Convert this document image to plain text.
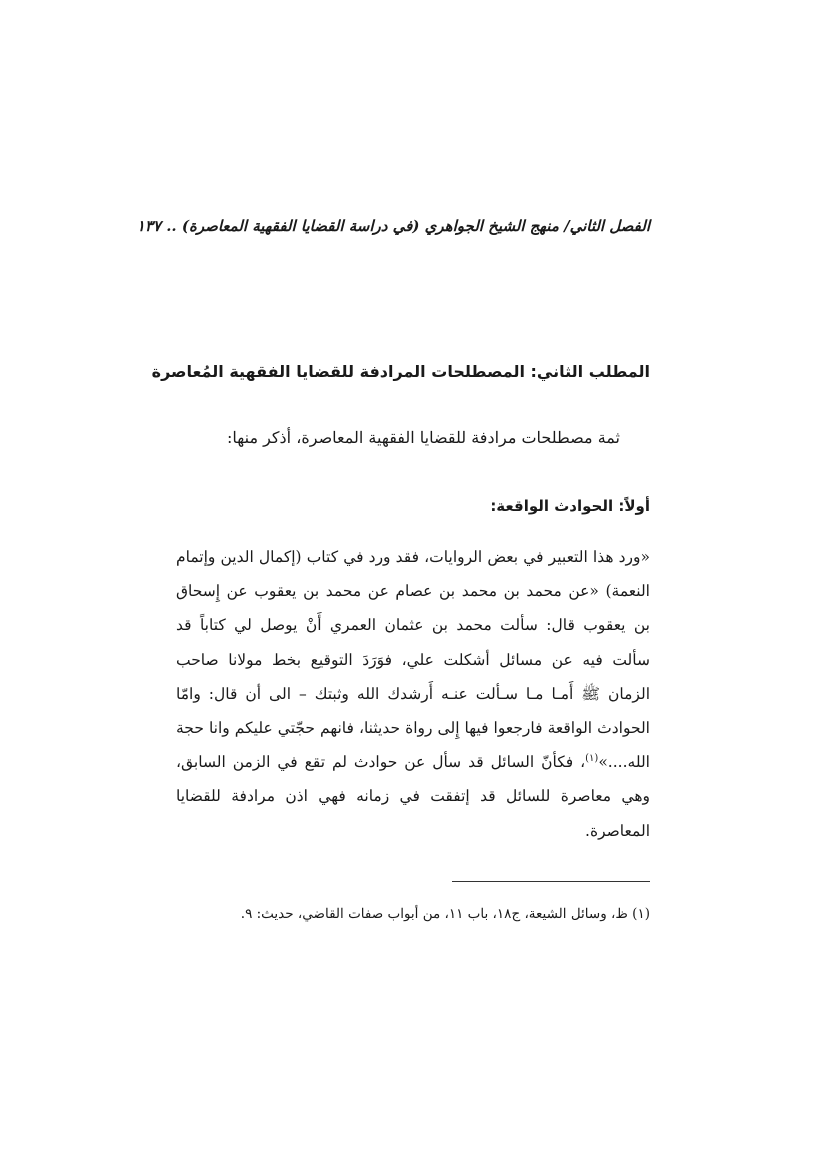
الفصل الثاني/ منهج الشيخ الجواهري (في دراسة القضايا الفقهية المعاصرة) .. ١٣٧
المطلب الثاني: المصطلحات المرادفة للقضايا الفقهية المُعاصرة
ثمة مصطلحات مرادفة للقضايا الفقهية المعاصرة، أذكر منها:
أولاً: الحوادث الواقعة:

«ورد هذا التعبير في بعض الروايات، فقد ورد في كتاب (إكمال الدين وإتمام النعمة) «عن محمد بن محمد بن عصام عن محمد بن يعقوب عن إِسحاق بن يعقوب قال: سألت محمد بن عثمان العمري أَنْ يوصل لي كتاباً قد سألت فيه عن مسائل أشكلت علي، فوَرَدَ التوقيع بخط مولانا صاحب الزمان ﷺ أَمـا مـا سـألت عنـه أَرشدك الله وثبتك – الى أن قال: وامّا الحوادث الواقعة فارجعوا فيها إِلى رواة حديثنا، فانهم حجّتي عليكم وانا حجة الله....»$^{(١)}$، فكأنّ السائل قد سأل عن حوادث لم تقع في الزمن السابق، وهي معاصرة للسائل قد إتفقت في زمانه فهي اذن مرادفة للقضايا المعاصرة.

(١) ظ، وسائل الشيعة، ج١٨، باب ١١، من أبواب صفات القاضي، حديث: ٩.
